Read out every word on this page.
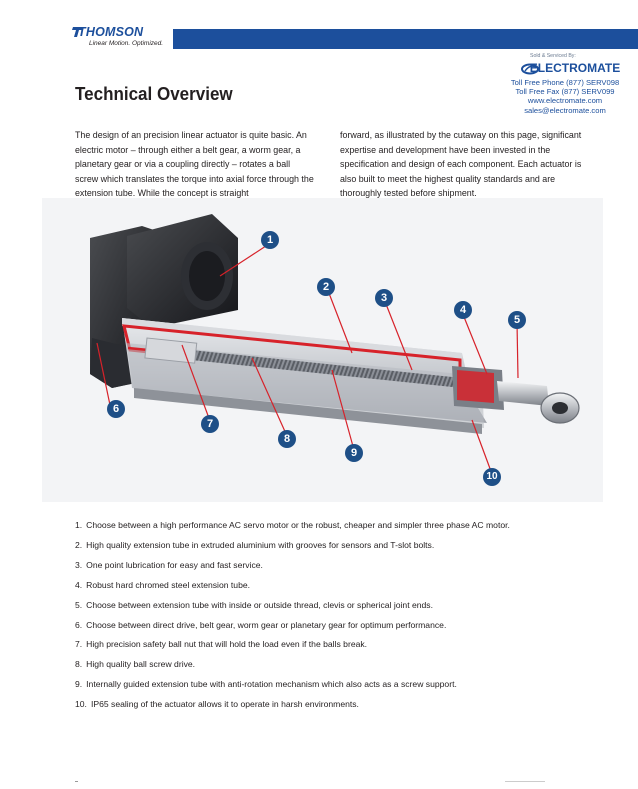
THOMSON
Linear Motion. Optimized.
Technical Overview
Sold & Serviced By:
ELECTROMATE
Toll Free Phone (877) SERV098
Toll Free Fax (877) SERV099
www.electromate.com
sales@electromate.com
The design of an precision linear actuator is quite basic. An electric motor – through either a belt gear, a worm gear, a planetary gear or via a coupling directly – rotates a ball screw which translates the torque into axial force through the extension tube. While the concept is straight
forward, as illustrated by the cutaway on this page, significant expertise and development have been invested in the specification and design of each component. Each actuator is also built to meet the highest quality standards and are thoroughly tested before shipment.
1
2
3
4
5
6
7
8
9
10
1. Choose between a high performance AC servo motor or the robust, cheaper and simpler three phase AC motor.
2. High quality extension tube in extruded aluminium with grooves for sensors and T-slot bolts.
3. One point lubrication for easy and fast service.
4. Robust hard chromed steel extension tube.
5. Choose between extension tube with inside or outside thread, clevis or spherical joint ends.
6. Choose between direct drive, belt gear, worm gear or planetary gear for optimum performance.
7. High precision safety ball nut that will hold the load even if the balls break.
8. High quality ball screw drive.
9. Internally guided extension tube with anti-rotation mechanism which also acts as a screw support.
10. IP65 sealing of the actuator allows it to operate in harsh environments.
